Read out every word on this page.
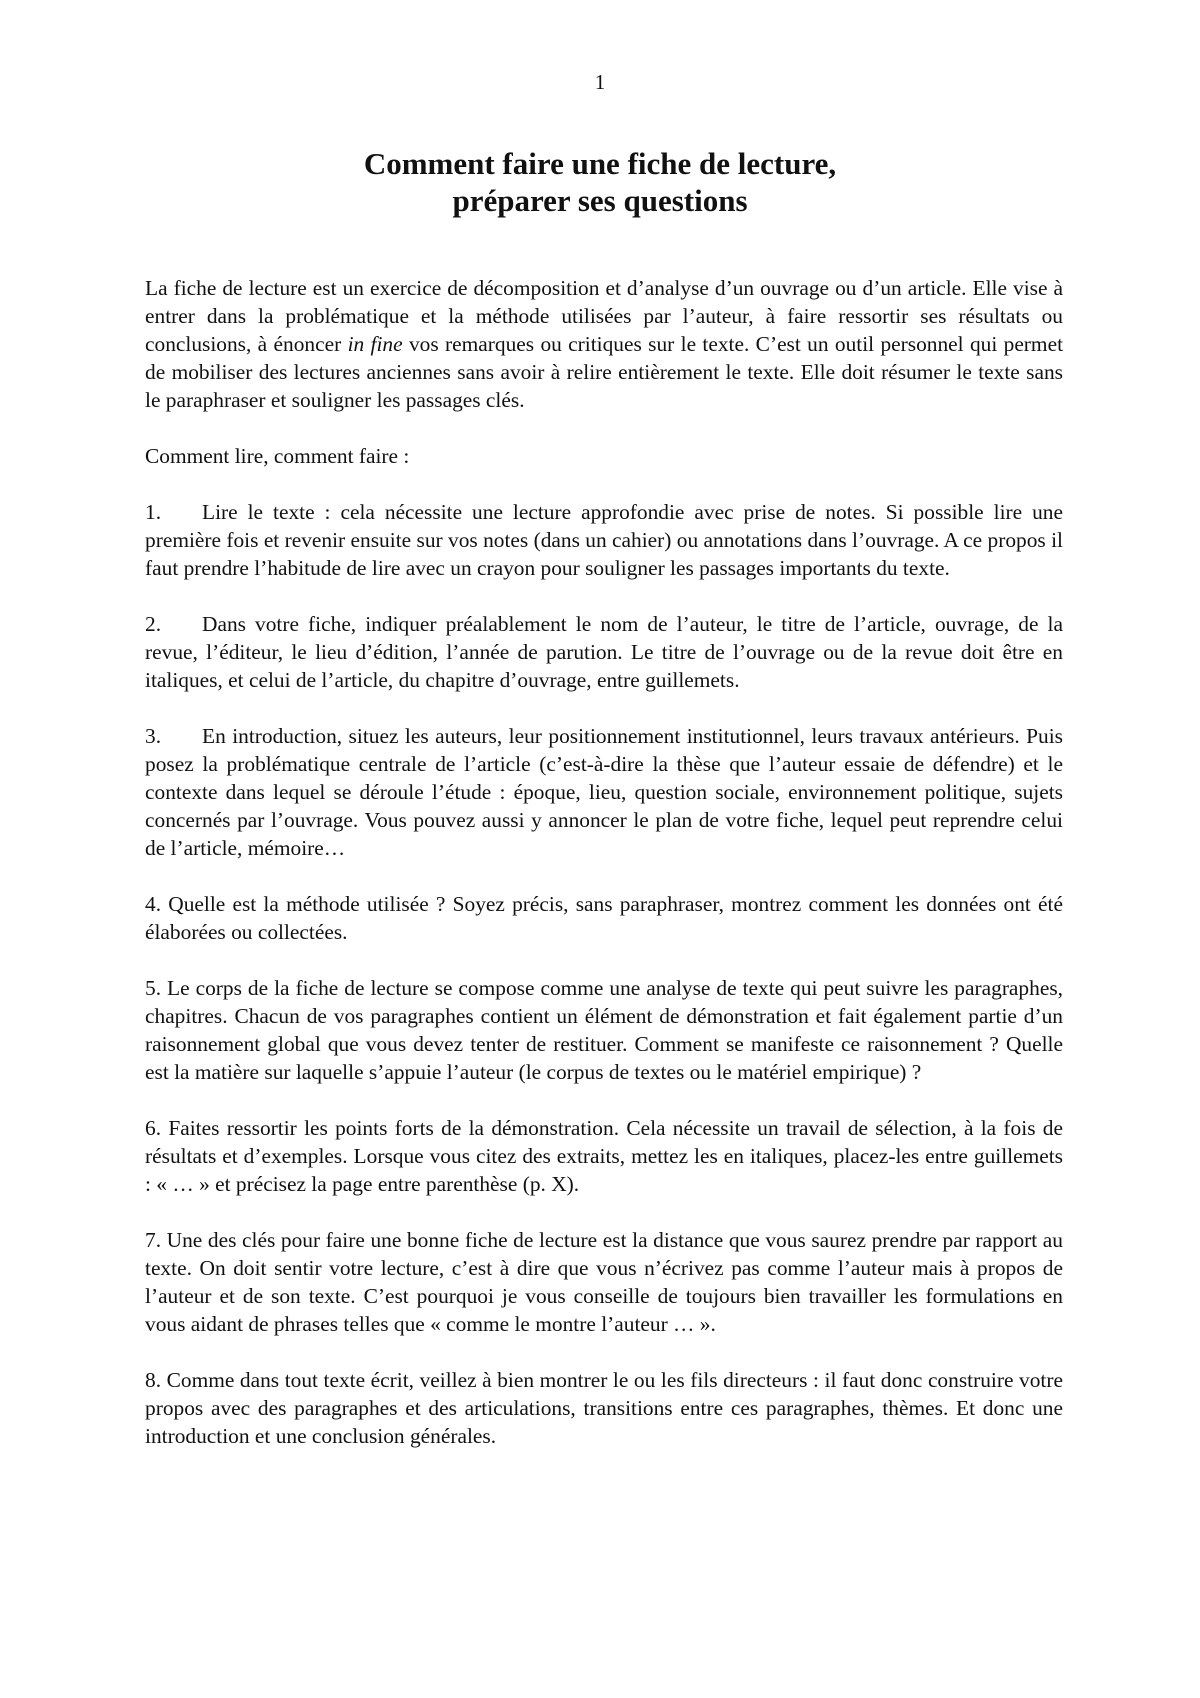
1
Comment faire une fiche de lecture,
préparer ses questions

La fiche de lecture est un exercice de décomposition et d’analyse d’un ouvrage ou d’un article. Elle vise à entrer dans la problématique et la méthode utilisées par l’auteur, à faire ressortir ses résultats ou conclusions, à énoncer in fine vos remarques ou critiques sur le texte. C’est un outil personnel qui permet de mobiliser des lectures anciennes sans avoir à relire entièrement le texte. Elle doit résumer le texte sans le paraphraser et souligner les passages clés.

Comment lire, comment faire :

1. Lire le texte : cela nécessite une lecture approfondie avec prise de notes. Si possible lire une première fois et revenir ensuite sur vos notes (dans un cahier) ou annotations dans l’ouvrage. A ce propos il faut prendre l’habitude de lire avec un crayon pour souligner les passages importants du texte.

2. Dans votre fiche, indiquer préalablement le nom de l’auteur, le titre de l’article, ouvrage, de la revue, l’éditeur, le lieu d’édition, l’année de parution. Le titre de l’ouvrage ou de la revue doit être en italiques, et celui de l’article, du chapitre d’ouvrage, entre guillemets.

3. En introduction, situez les auteurs, leur positionnement institutionnel, leurs travaux antérieurs. Puis posez la problématique centrale de l’article (c’est-à-dire la thèse que l’auteur essaie de défendre) et le contexte dans lequel se déroule l’étude : époque, lieu, question sociale, environnement politique, sujets concernés par l’ouvrage. Vous pouvez aussi y annoncer le plan de votre fiche, lequel peut reprendre celui de l’article, mémoire…

4. Quelle est la méthode utilisée ? Soyez précis, sans paraphraser, montrez comment les données ont été élaborées ou collectées.

5. Le corps de la fiche de lecture se compose comme une analyse de texte qui peut suivre les paragraphes, chapitres. Chacun de vos paragraphes contient un élément de démonstration et fait également partie d’un raisonnement global que vous devez tenter de restituer. Comment se manifeste ce raisonnement ? Quelle est la matière sur laquelle s’appuie l’auteur (le corpus de textes ou le matériel empirique) ?

6. Faites ressortir les points forts de la démonstration. Cela nécessite un travail de sélection, à la fois de résultats et d’exemples. Lorsque vous citez des extraits, mettez les en italiques, placez-les entre guillemets : « … » et précisez la page entre parenthèse (p. X).

7. Une des clés pour faire une bonne fiche de lecture est la distance que vous saurez prendre par rapport au texte. On doit sentir votre lecture, c’est à dire que vous n’écrivez pas comme l’auteur mais à propos de l’auteur et de son texte. C’est pourquoi je vous conseille de toujours bien travailler les formulations en vous aidant de phrases telles que « comme le montre l’auteur … ».

8. Comme dans tout texte écrit, veillez à bien montrer le ou les fils directeurs : il faut donc construire votre propos avec des paragraphes et des articulations, transitions entre ces paragraphes, thèmes. Et donc une introduction et une conclusion générales.
